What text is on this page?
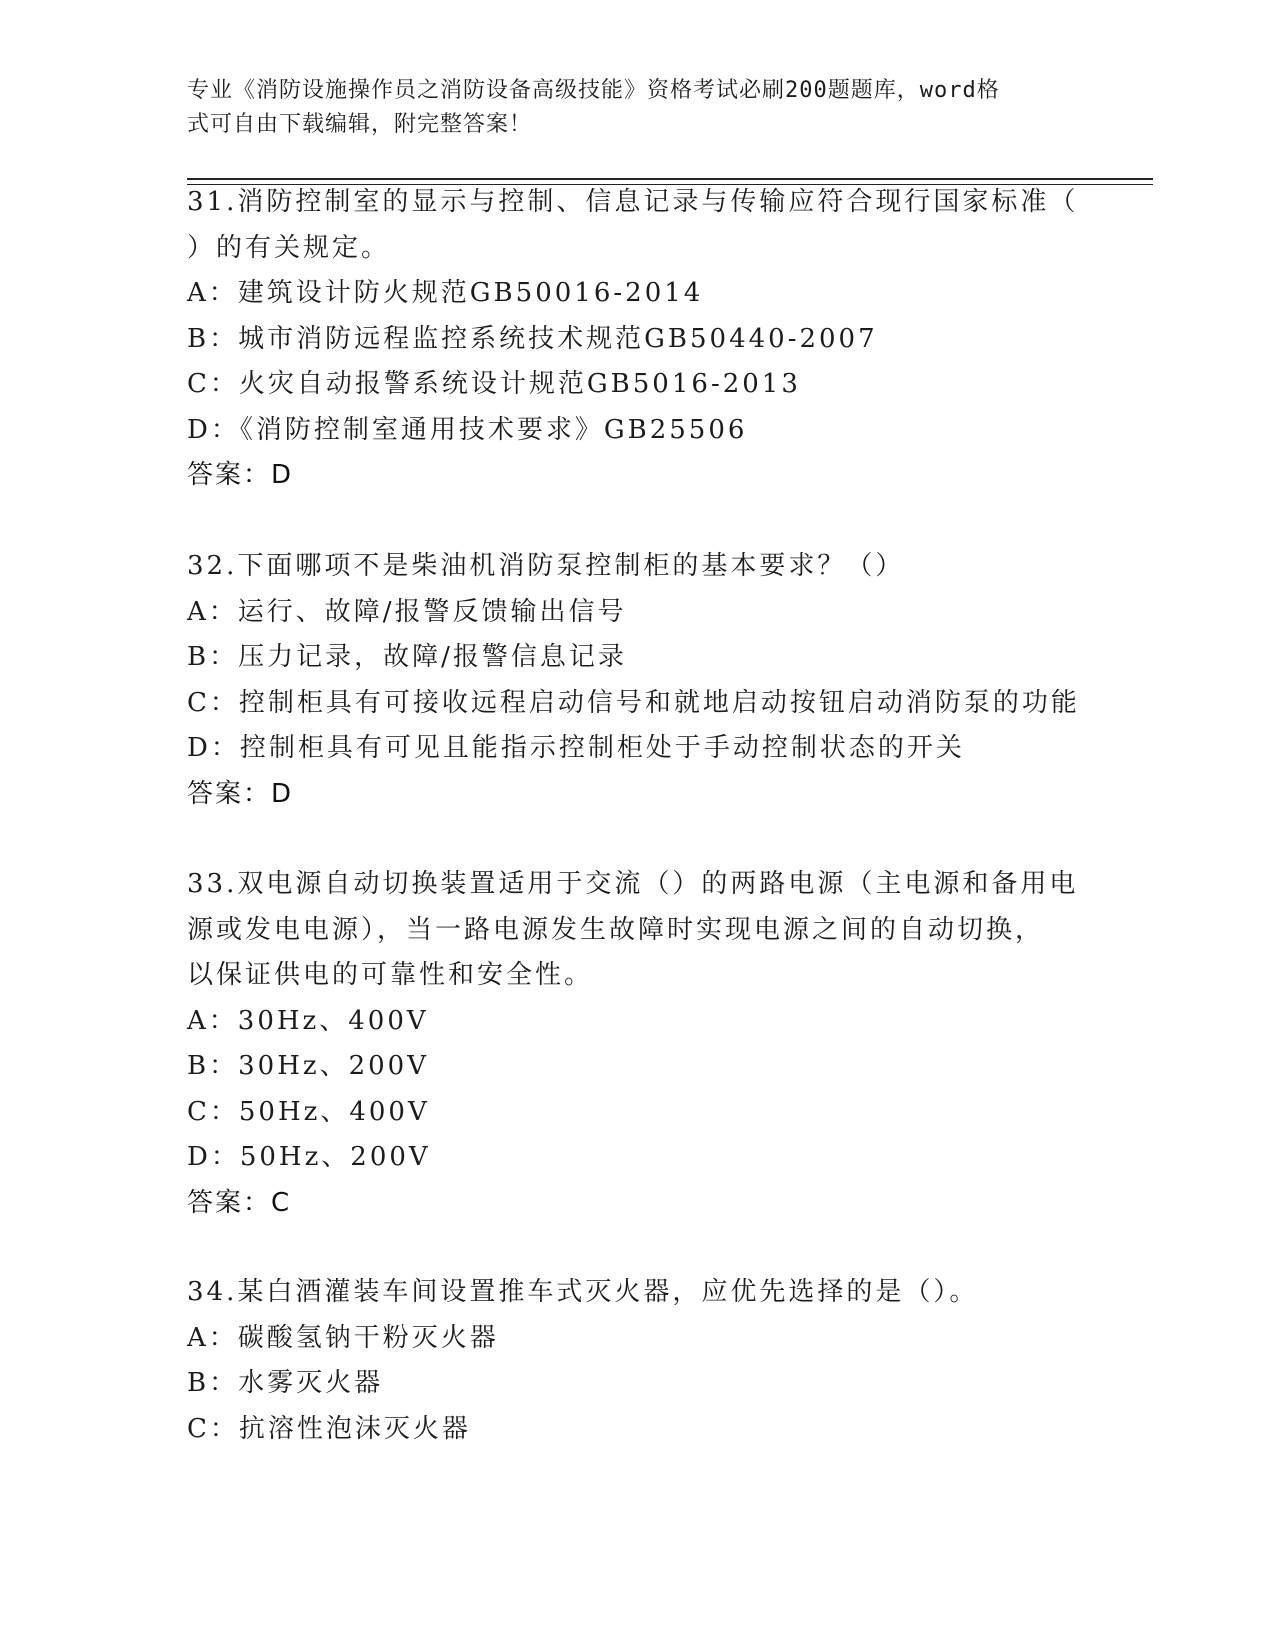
专业《消防设施操作员之消防设备高级技能》资格考试必刷200题题库，word格
式可自由下载编辑，附完整答案！
31.消防控制室的显示与控制、信息记录与传输应符合现行国家标准（
）的有关规定。
A：建筑设计防火规范GB50016-2014
B：城市消防远程监控系统技术规范GB50440-2007
C：火灾自动报警系统设计规范GB5016-2013
D：《消防控制室通用技术要求》GB25506
答案：D
32.下面哪项不是柴油机消防泵控制柜的基本要求？（）
A：运行、故障/报警反馈输出信号
B：压力记录，故障/报警信息记录
C：控制柜具有可接收远程启动信号和就地启动按钮启动消防泵的功能
D：控制柜具有可见且能指示控制柜处于手动控制状态的开关
答案：D
33.双电源自动切换装置适用于交流（）的两路电源（主电源和备用电
源或发电电源），当一路电源发生故障时实现电源之间的自动切换，
以保证供电的可靠性和安全性。
A：30Hz、400V
B：30Hz、200V
C：50Hz、400V
D：50Hz、200V
答案：C
34.某白酒灌装车间设置推车式灭火器，应优先选择的是（）。
A：碳酸氢钠干粉灭火器
B：水雾灭火器
C：抗溶性泡沫灭火器
